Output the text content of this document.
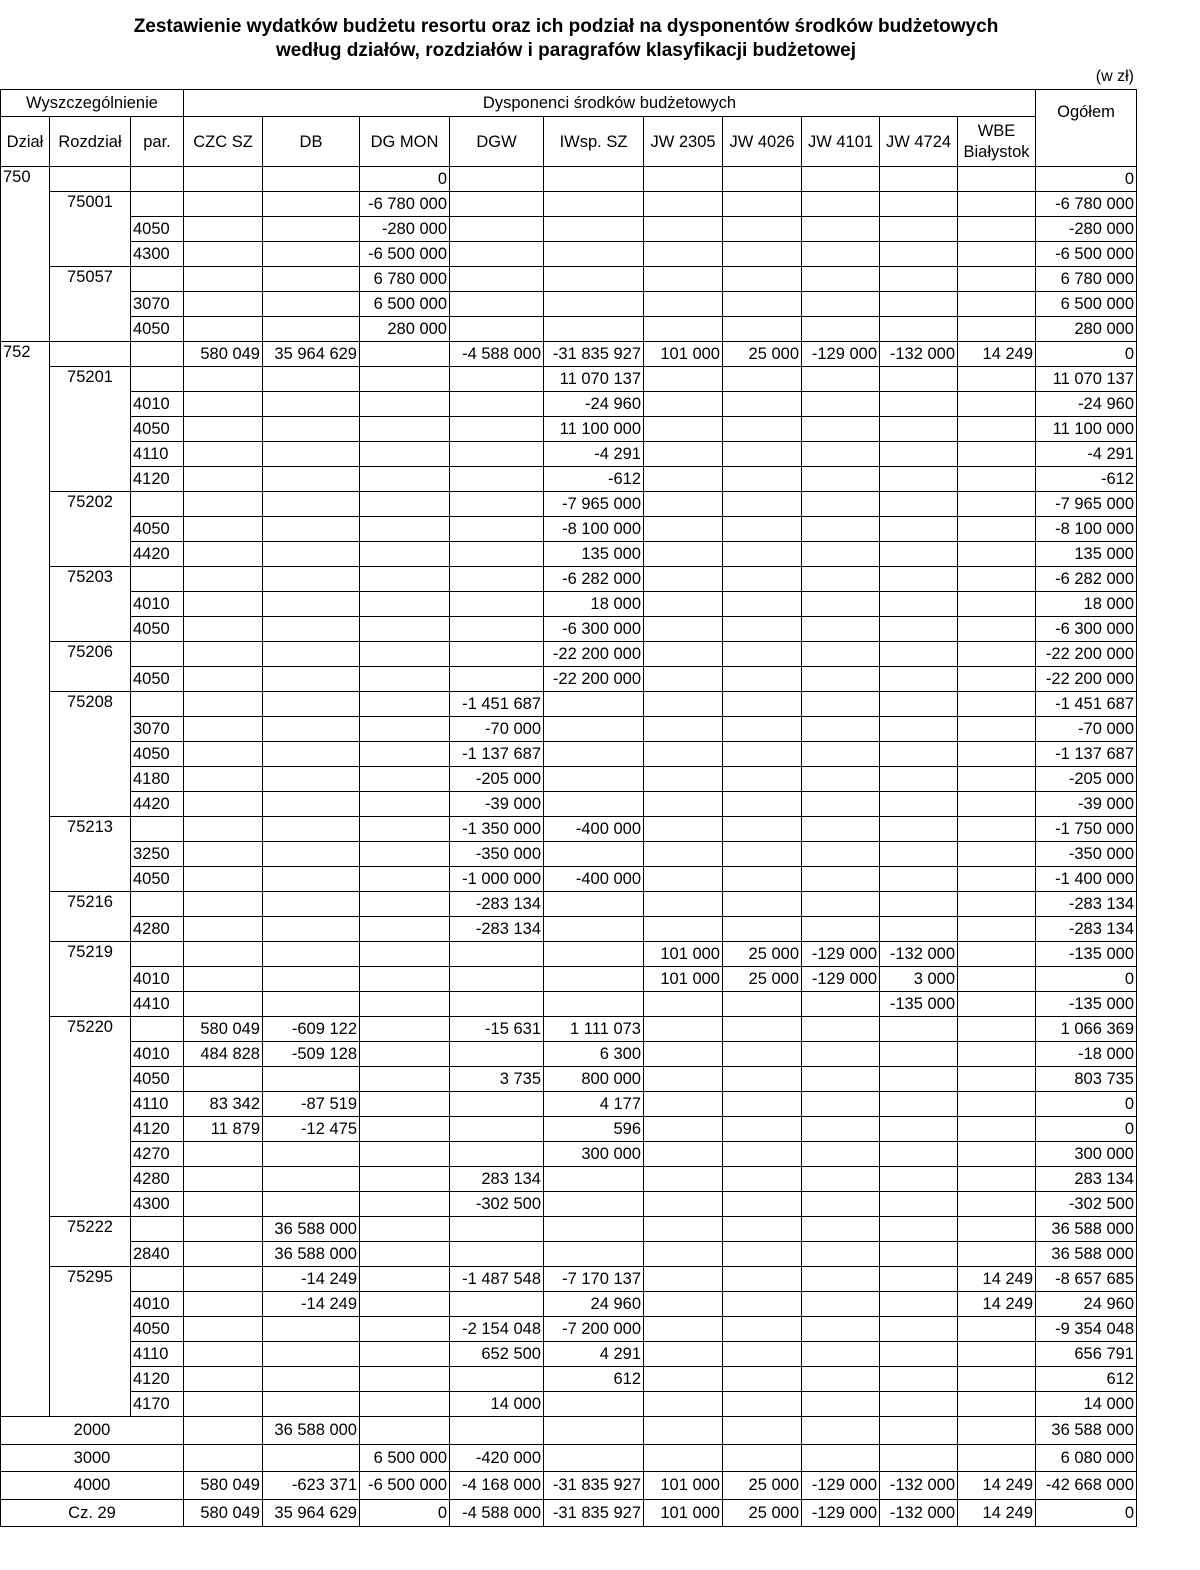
Zestawienie wydatków budżetu resortu oraz ich podział na dysponentów środków budżetowych
według działów, rozdziałów i paragrafów klasyfikacji budżetowej
(w zł)
Wyszczególnienie			Dysponenci środków budżetowych										Ogółem
Dział	Rozdział	par.	CZC SZ	DB	DG MON	DGW	IWsp. SZ	JW 2305	JW 4026	JW 4101	JW 4724	WBE Białystok	
750					0								0
	75001				-6 780 000								-6 780 000
		4050			-280 000								-280 000
		4300			-6 500 000								-6 500 000
	75057				6 780 000								6 780 000
		3070			6 500 000								6 500 000
		4050			280 000								280 000
752			580 049	35 964 629		-4 588 000	-31 835 927	101 000	25 000	-129 000	-132 000	14 249	0
	75201						11 070 137						11 070 137
		4010					-24 960						-24 960
		4050					11 100 000						11 100 000
		4110					-4 291						-4 291
		4120					-612						-612
	75202						-7 965 000						-7 965 000
		4050					-8 100 000						-8 100 000
		4420					135 000						135 000
	75203						-6 282 000						-6 282 000
		4010					18 000						18 000
		4050					-6 300 000						-6 300 000
	75206						-22 200 000						-22 200 000
		4050					-22 200 000						-22 200 000
	75208					-1 451 687							-1 451 687
		3070				-70 000							-70 000
		4050				-1 137 687							-1 137 687
		4180				-205 000							-205 000
		4420				-39 000							-39 000
	75213					-1 350 000	-400 000						-1 750 000
		3250				-350 000							-350 000
		4050				-1 000 000	-400 000						-1 400 000
	75216					-283 134							-283 134
		4280				-283 134							-283 134
	75219							101 000	25 000	-129 000	-132 000		-135 000
		4010						101 000	25 000	-129 000	3 000		0
		4410									-135 000		-135 000
	75220		580 049	-609 122		-15 631	1 111 073						1 066 369
		4010	484 828	-509 128			6 300						-18 000
		4050				3 735	800 000						803 735
		4110	83 342	-87 519			4 177						0
		4120	11 879	-12 475			596						0
		4270					300 000						300 000
		4280				283 134							283 134
		4300				-302 500							-302 500
	75222			36 588 000									36 588 000
		2840		36 588 000									36 588 000
	75295			-14 249		-1 487 548	-7 170 137					14 249	-8 657 685
		4010		-14 249			24 960					14 249	24 960
		4050				-2 154 048	-7 200 000						-9 354 048
		4110				652 500	4 291						656 791
		4120					612						612
		4170				14 000							14 000
2000				36 588 000									36 588 000
3000					6 500 000	-420 000							6 080 000
4000			580 049	-623 371	-6 500 000	-4 168 000	-31 835 927	101 000	25 000	-129 000	-132 000	14 249	-42 668 000
Cz. 29			580 049	35 964 629	0	-4 588 000	-31 835 927	101 000	25 000	-129 000	-132 000	14 249	0
